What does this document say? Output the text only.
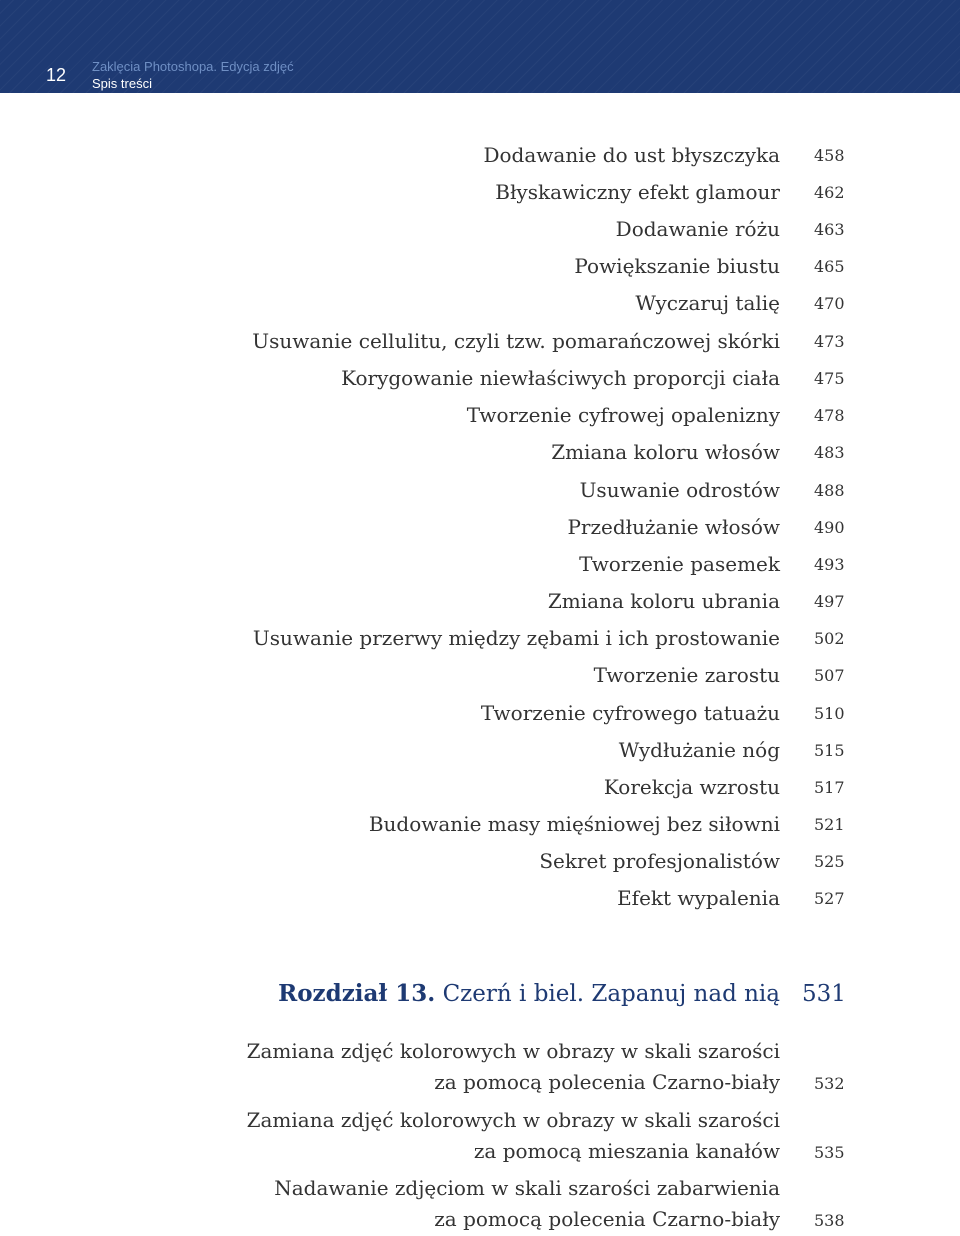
12 Zaklęcia Photoshopa. Edycja zdjęć
Spis treści
Dodawanie do ust błyszczyka 458
Błyskawiczny efekt glamour 462
Dodawanie różu 463
Powiększanie biustu 465
Wyczaruj talię 470
Usuwanie cellulitu, czyli tzw. pomarańczowej skórki 473
Korygowanie niewłaściwych proporcji ciała 475
Tworzenie cyfrowej opalenizny 478
Zmiana koloru włosów 483
Usuwanie odrostów 488
Przedłużanie włosów 490
Tworzenie pasemek 493
Zmiana koloru ubrania 497
Usuwanie przerwy między zębami i ich prostowanie 502
Tworzenie zarostu 507
Tworzenie cyfrowego tatuażu 510
Wydłużanie nóg 515
Korekcja wzrostu 517
Budowanie masy mięśniowej bez siłowni 521
Sekret profesjonalistów 525
Efekt wypalenia 527
Rozdział 13. Czerń i biel. Zapanuj nad nią 531
Zamiana zdjęć kolorowych w obrazy w skali szarości
za pomocą polecenia Czarno-biały 532
Zamiana zdjęć kolorowych w obrazy w skali szarości
za pomocą mieszania kanałów 535
Nadawanie zdjęciom w skali szarości zabarwienia
za pomocą polecenia Czarno-biały 538
